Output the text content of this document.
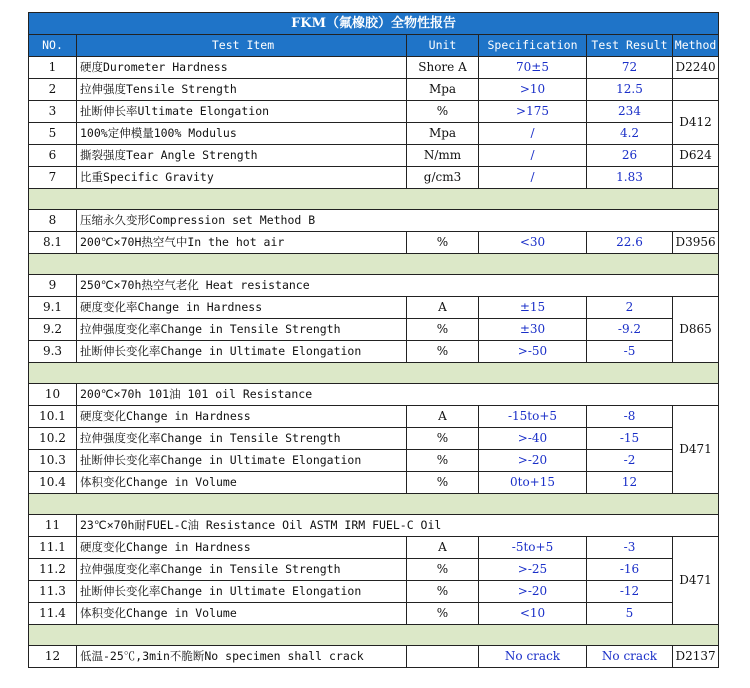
FKM（氟橡胶）全物性报告					
NO.	Test Item	Unit	Specification	Test Result	Method
1	硬度Durometer Hardness	Shore A	70±5	72	D2240
2	拉伸强度Tensile Strength	Mpa	>10	12.5	
3	扯断伸长率Ultimate Elongation	%	>175	234	D412
5	100%定伸模量100% Modulus	Mpa	/	4.2	
6	撕裂强度Tear Angle Strength	N/mm	/	26	D624
7	比重Specific Gravity	g/cm3	/	1.83	

8	压缩永久变形Compression set Method B				
8.1	200℃×70H热空气中In the hot air	%	<30	22.6	D3956

9	250℃×70h热空气老化 Heat resistance				
9.1	硬度变化率Change in Hardness	A	±15	2	D865
9.2	拉伸强度变化率Change in Tensile Strength	%	±30	-9.2	
9.3	扯断伸长变化率Change in Ultimate Elongation	%	>-50	-5	

10	200℃×70h 101油 101 oil Resistance				
10.1	硬度变化Change in Hardness	A	-15to+5	-8	D471
10.2	拉伸强度变化率Change in Tensile Strength	%	>-40	-15	
10.3	扯断伸长变化率Change in Ultimate Elongation	%	>-20	-2	
10.4	体积变化Change in Volume	%	0to+15	12	

11	23℃×70h耐FUEL-C油 Resistance Oil ASTM IRM FUEL-C Oil				
11.1	硬度变化Change in Hardness	A	-5to+5	-3	D471
11.2	拉伸强度变化率Change in Tensile Strength	%	>-25	-16	
11.3	扯断伸长变化率Change in Ultimate Elongation	%	>-20	-12	
11.4	体积变化Change in Volume	%	<10	5	

12	低温-25℃,3min不脆断No specimen shall crack		No crack	No crack	D2137
